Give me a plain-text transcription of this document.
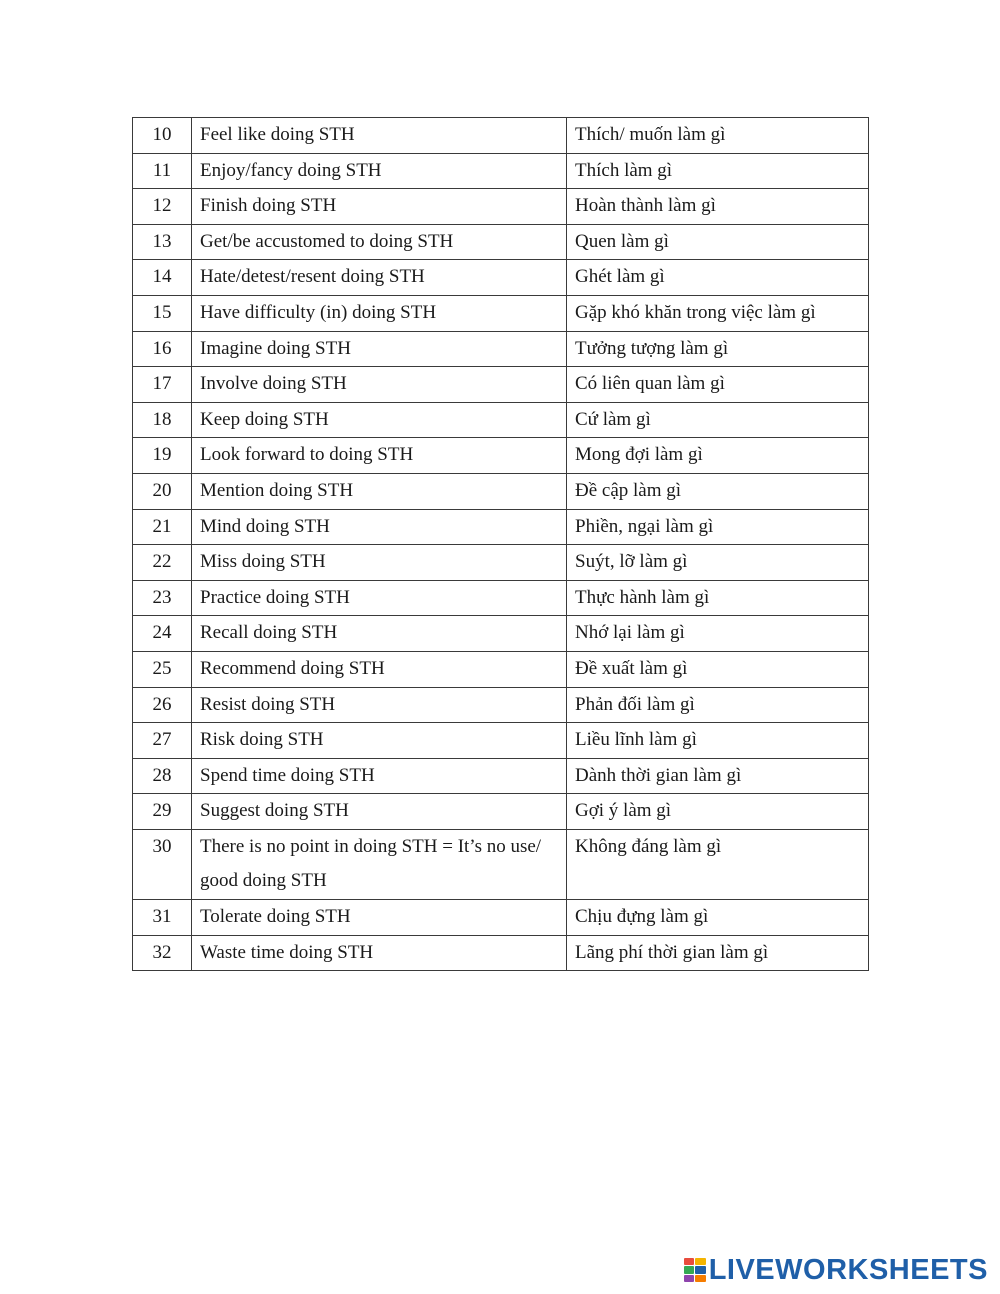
10	Feel like doing STH	Thích/ muốn làm gì
11	Enjoy/fancy doing STH	Thích làm gì
12	Finish doing STH	Hoàn thành làm gì
13	Get/be accustomed to doing STH	Quen làm gì
14	Hate/detest/resent doing STH	Ghét làm gì
15	Have difficulty (in) doing STH	Gặp khó khăn trong việc làm gì
16	Imagine doing STH	Tưởng tượng làm gì
17	Involve doing STH	Có liên quan làm gì
18	Keep doing STH	Cứ làm gì
19	Look forward to doing STH	Mong đợi làm gì
20	Mention doing STH	Đề cập làm gì
21	Mind doing STH	Phiền, ngại làm gì
22	Miss doing STH	Suýt, lỡ làm gì
23	Practice doing STH	Thực hành làm gì
24	Recall doing STH	Nhớ lại làm gì
25	Recommend doing STH	Đề xuất làm gì
26	Resist doing STH	Phản đối làm gì
27	Risk doing STH	Liều lĩnh làm gì
28	Spend time doing STH	Dành thời gian làm gì
29	Suggest doing STH	Gợi ý làm gì
30	There is no point in doing STH = It’s no use/ good doing STH	Không đáng làm gì
31	Tolerate doing STH	Chịu đựng làm gì
32	Waste time doing STH	Lãng phí thời gian làm gì
LIVEWORKSHEETS
